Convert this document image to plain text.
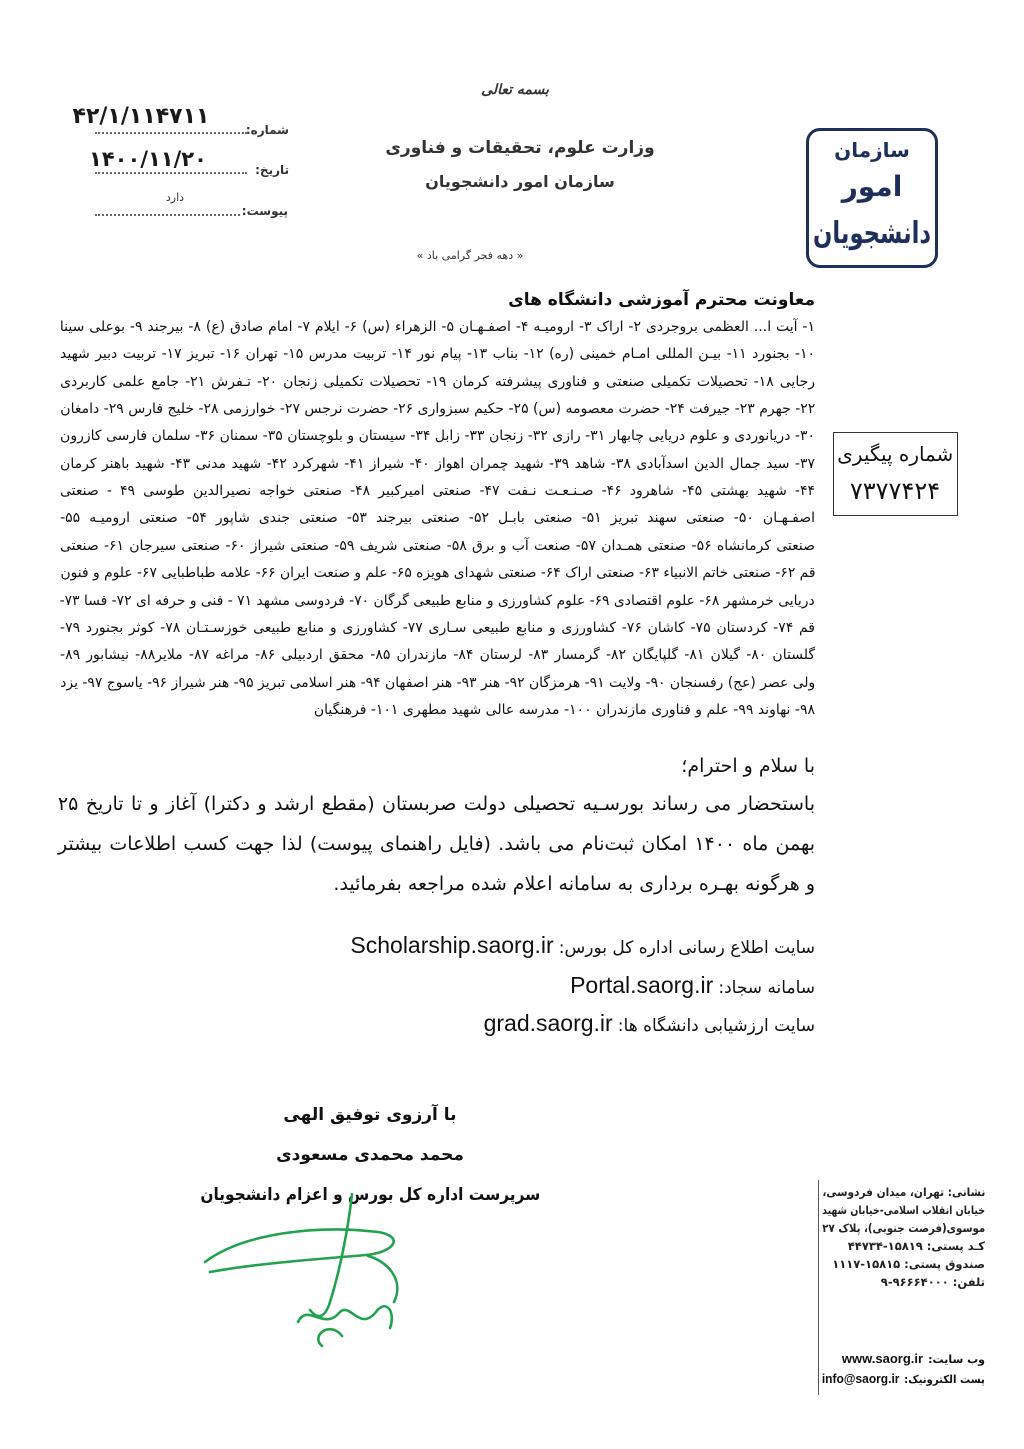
سازمان
امور
دانشجویان
بسمه تعالی
وزارت علوم، تحقیقات و فناوری
سازمان امور دانشجویان
شماره:
۴۲/۱/۱۱۴۷۱۱
تاریخ:
۱۴۰۰/۱۱/۲۰
دارد
پیوست:
« دهه فجر گرامی باد »
معاونت محترم آموزشی دانشگاه های
۱- آیت ا... العظمی بروجردی ۲- اراک ۳- ارومیـه ۴- اصفـهـان ۵- الزهراء (س) ۶- ایلام ۷- امام صادق (ع) ۸- بیرجند ۹- بوعلی سینا
۱۰- بجنورد ۱۱- بیـن المللی امـام خمینی (ره) ۱۲- بناب ۱۳- پیام نور ۱۴- تربیت مدرس ۱۵- تهران ۱۶- تبریز ۱۷- تربیت دبیر شهید
رجایی ۱۸- تحصیلات تکمیلی صنعتی و فناوری پیشرفته کرمان ۱۹- تحصیلات تکمیلی زنجان ۲۰- تـفرش ۲۱- جامع علمی کاربردی
۲۲- جهرم ۲۳- جیرفت ۲۴- حضرت معصومه (س) ۲۵- حکیم سبزواری ۲۶- حضرت نرجس ۲۷- خوارزمی ۲۸- خلیج فارس ۲۹- دامغان
۳۰- دریانوردی و علوم دریایی چابهار ۳۱- رازی ۳۲- زنجان ۳۳- زابل ۳۴- سیستان و بلوچستان ۳۵- سمنان ۳۶- سلمان فارسی کازرون
۳۷- سید جمال الدین اسدآبادی ۳۸- شاهد ۳۹- شهید چمران اهواز ۴۰- شیراز ۴۱- شهرکرد ۴۲- شهید مدنی ۴۳- شهید باهنر کرمان
۴۴- شهید بهشتی ۴۵- شاهرود ۴۶- صـنـعـت نـفت ۴۷- صنعتی امیرکبیر ۴۸- صنعتی خواجه نصیرالدین طوسی ۴۹ - صنعتی
اصفـهـان ۵۰- صنعتی سهند تبریز ۵۱- صنعتی بابـل ۵۲- صنعتی بیرجند ۵۳- صنعتی جندی شاپور ۵۴- صنعتی ارومیـه ۵۵-
صنعتی کرمانشاه ۵۶- صنعتی همـدان ۵۷- صنعت آب و برق ۵۸- صنعتی شریف ۵۹- صنعتی شیراز ۶۰- صنعتی سیرجان ۶۱- صنعتی
قم ۶۲- صنعتی خاتم الانبیاء ۶۳- صنعتی اراک ۶۴- صنعتی شهدای هویزه ۶۵- علم و صنعت ایران ۶۶- علامه طباطبایی ۶۷- علوم و فنون
دریایی خرمشهر ۶۸- علوم اقتصادی ۶۹- علوم کشاورزی و منابع طبیعی گرگان ۷۰- فردوسی مشهد ۷۱ - فنی و حرفه ای ۷۲- فسا ۷۳-
قم ۷۴- کردستان ۷۵- کاشان ۷۶- کشاورزی و منابع طبیعی سـاری ۷۷- کشاورزی و منابع طبیعی خوزسـتـان ۷۸- کوثر بجنورد ۷۹-
گلستان ۸۰- گیلان ۸۱- گلپایگان ۸۲- گرمسار ۸۳- لرستان ۸۴- مازندران ۸۵- محقق اردبیلی ۸۶- مراغه ۸۷- ملایر۸۸- نیشابور ۸۹-
ولی عصر (عج) رفسنجان ۹۰- ولایت ۹۱- هرمزگان ۹۲- هنر ۹۳- هنر اصفهان ۹۴- هنر اسلامی تبریز ۹۵- هنر شیراز ۹۶- یاسوج ۹۷- یزد
۹۸- نهاوند ۹۹- علم و فناوری مازندران ۱۰۰- مدرسه عالی شهید مطهری ۱۰۱- فرهنگیان
شماره پیگیری
۷۳۷۷۴۲۴
با سلام و احترام؛
باستحضار می رساند بورسـیه تحصیلی دولت صربستان (مقطع ارشد و دکترا) آغاز و تا تاریخ ۲۵
بهمن ماه ۱۴۰۰ امکان ثبت‌نام می باشد. (فایل راهنمای پیوست) لذا جهت کسب اطلاعات بیشتر
و هرگونه بهـره برداری به سامانه اعلام شده مراجعه بفرمائید.
سایت اطلاع رسانی اداره کل بورس: Scholarship.saorg.ir
سامانه سجاد: Portal.saorg.ir
سایت ارزشیابی دانشگاه ها: grad.saorg.ir
با آرزوی توفیق الهی
محمد محمدی مسعودی
سرپرست اداره کل بورس و اعزام دانشجویان	نشانی: تهران، میدان فردوسی،
خیابان انقلاب اسلامی-خیابان شهید
موسوی(فرصت جنوبی)، پلاک ۲۷
کـد پستی: ۱۵۸۱۹-۴۴۷۳۴
صندوق پستی: ۱۵۸۱۵-۱۱۱۷
تلفن: ۹۶۶۶۴۰۰۰-۹
وب سایت: www.saorg.ir
پست الکترونیک: info@saorg.ir
